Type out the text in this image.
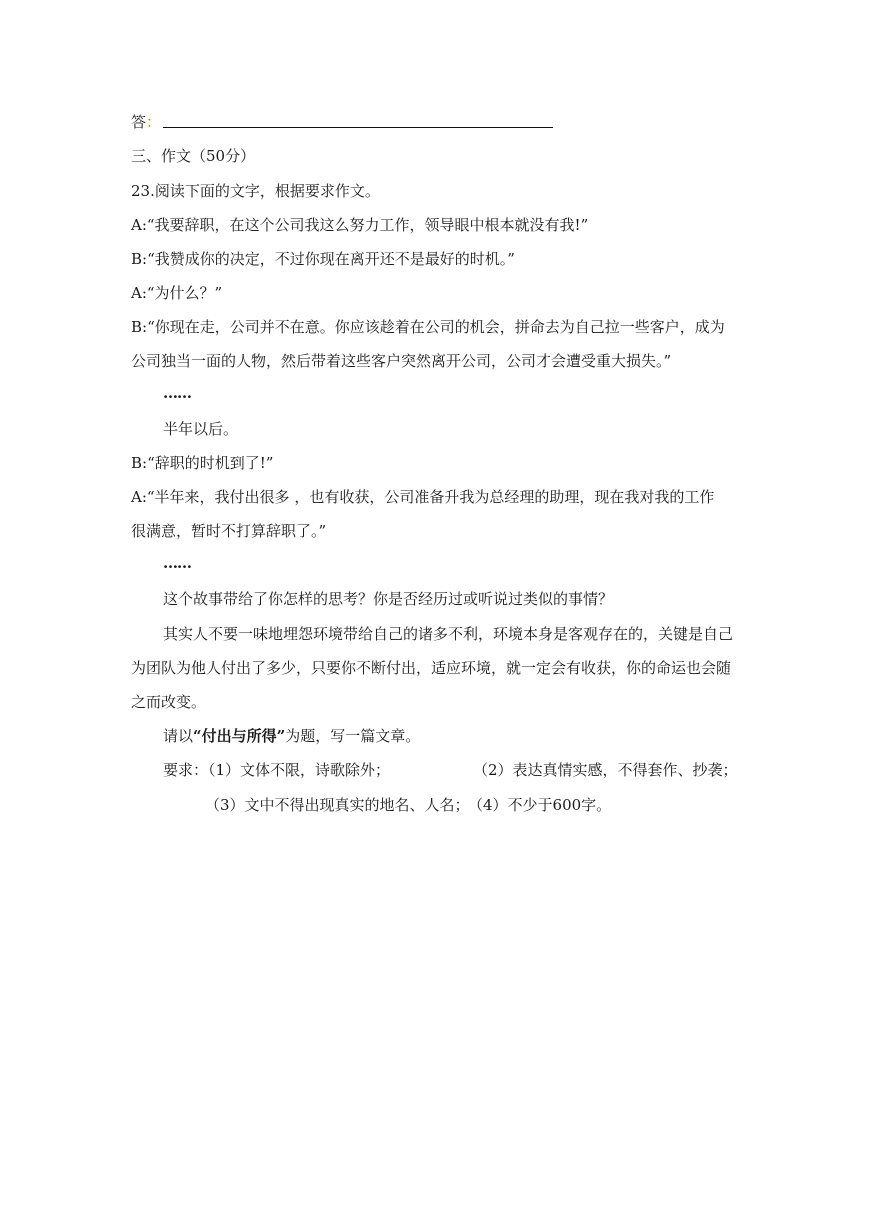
答：
三、作文（50分）
23.阅读下面的文字，根据要求作文。
A:“我要辞职，在这个公司我这么努力工作，领导眼中根本就没有我!”
B:“我赞成你的决定，不过你现在离开还不是最好的时机。”
A:“为什么？”
B:“你现在走，公司并不在意。你应该趁着在公司的机会，拼命去为自己拉一些客户，成为
公司独当一面的人物，然后带着这些客户突然离开公司，公司才会遭受重大损失。”
……
半年以后。
B:“辞职的时机到了!”
A:“半年来，我付出很多 ，也有收获，公司准备升我为总经理的助理，现在我对我的工作
很满意，暂时不打算辞职了。”
……
这个故事带给了你怎样的思考？你是否经历过或听说过类似的事情？
其实人不要一味地埋怨环境带给自己的诸多不利，环境本身是客观存在的，关键是自己
为团队为他人付出了多少，只要你不断付出，适应环境，就一定会有收获，你的命运也会随
之而改变。
请以“付出与所得”为题，写一篇文章。
要求：（1）文体不限，诗歌除外；	（2）表达真情实感，不得套作、抄袭；
（3）文中不得出现真实的地名、人名；
（4）不少于600字。
